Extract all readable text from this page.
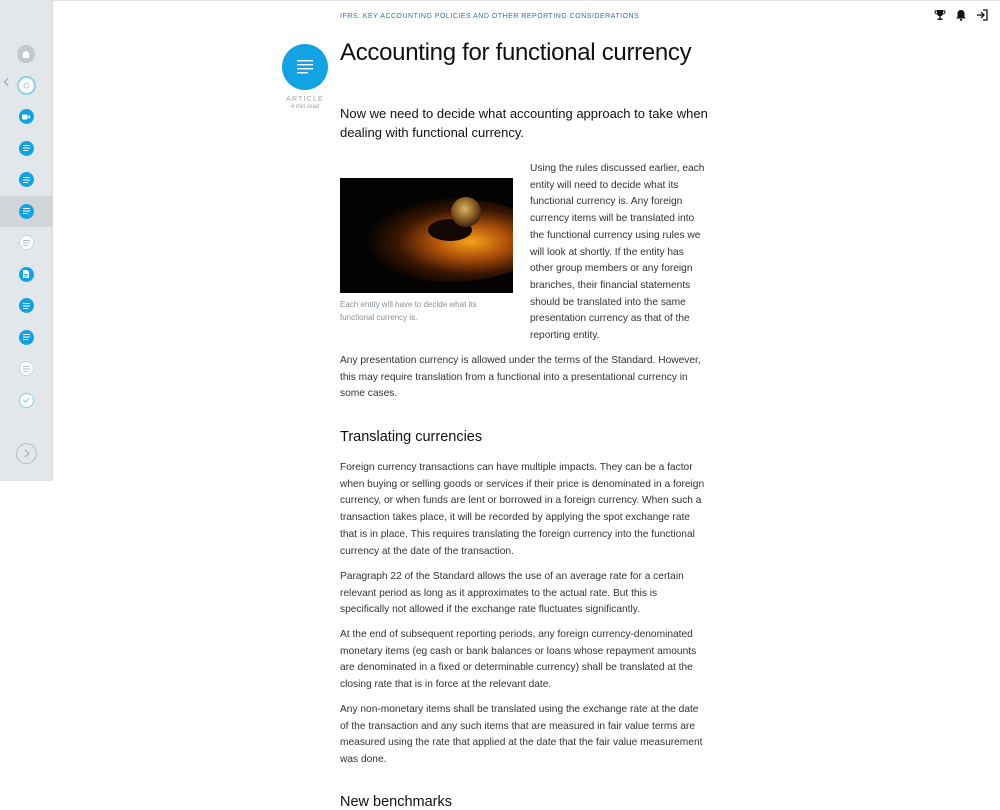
ARTICLE
4 min read
IFRS: KEY ACCOUNTING POLICIES AND OTHER REPORTING CONSIDERATIONS
Accounting for functional currency

Now we need to decide what accounting approach to take when dealing with functional currency.

Each entity will have to decide what its functional currency is.

Using the rules discussed earlier, each entity will need to decide what its functional currency is. Any foreign currency items will be translated into the functional currency using rules we will look at shortly. If the entity has other group members or any foreign branches, their financial statements should be translated into the same presentation currency as that of the reporting entity.

Any presentation currency is allowed under the terms of the Standard. However, this may require translation from a functional into a presentational currency in some cases.

Translating currencies

Foreign currency transactions can have multiple impacts. They can be a factor when buying or selling goods or services if their price is denominated in a foreign currency, or when funds are lent or borrowed in a foreign currency. When such a transaction takes place, it will be recorded by applying the spot exchange rate that is in place. This requires translating the foreign currency into the functional currency at the date of the transaction.

Paragraph 22 of the Standard allows the use of an average rate for a certain relevant period as long as it approximates to the actual rate. But this is specifically not allowed if the exchange rate fluctuates significantly.

At the end of subsequent reporting periods, any foreign currency-denominated monetary items (eg cash or bank balances or loans whose repayment amounts are denominated in a fixed or determinable currency) shall be translated at the closing rate that is in force at the relevant date.

Any non-monetary items shall be translated using the exchange rate at the date of the transaction and any such items that are measured in fair value terms are measured using the rate that applied at the date that the fair value measurement was done.

New benchmarks
